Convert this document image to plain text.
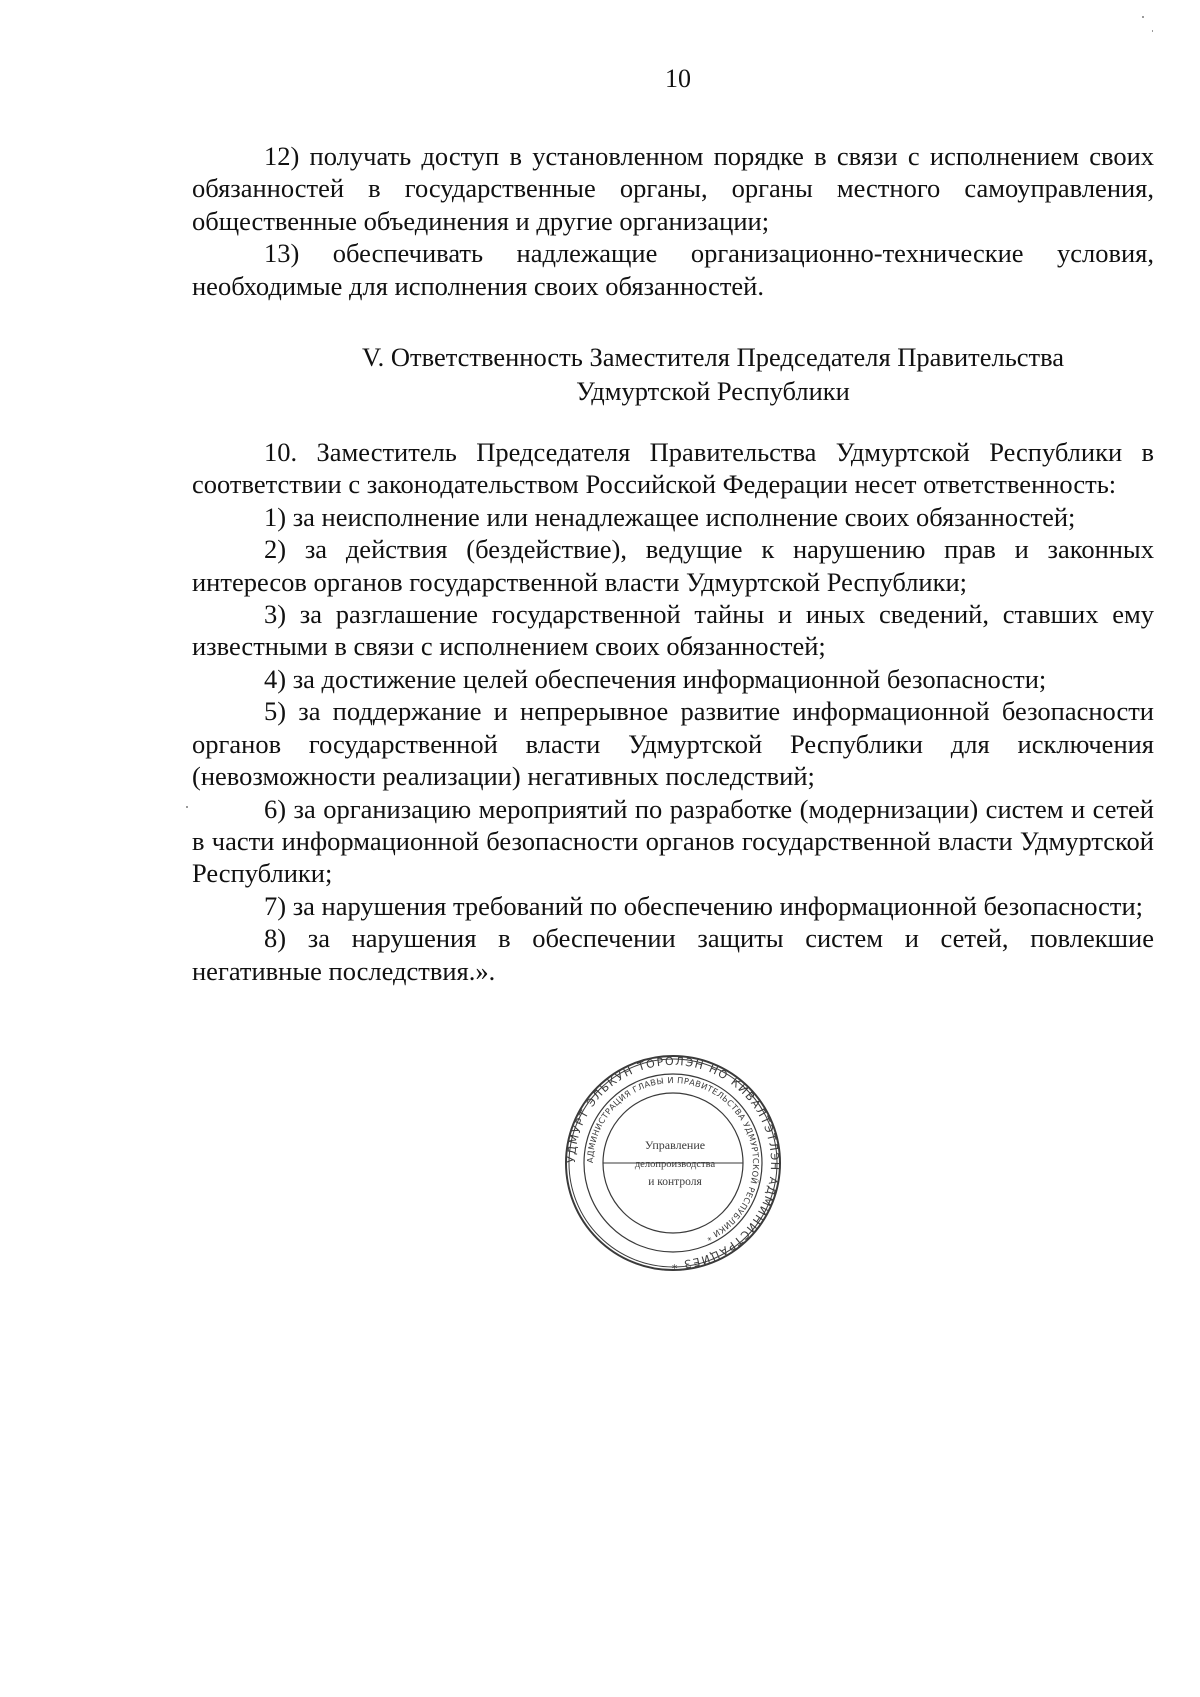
10

12) получать доступ в установленном порядке в связи с исполнением своих обязанностей в государственные органы, органы местного самоуправления, общественные объединения и другие организации;

13) обеспечивать надлежащие организационно-технические условия, необходимые для исполнения своих обязанностей.

V. Ответственность Заместителя Председателя Правительства
Удмуртской Республики

10. Заместитель Председателя Правительства Удмуртской Республики в соответствии с законодательством Российской Федерации несет ответственность:

1) за неисполнение или ненадлежащее исполнение своих обязанностей;

2) за действия (бездействие), ведущие к нарушению прав и законных интересов органов государственной власти Удмуртской Республики;

3) за разглашение государственной тайны и иных сведений, ставших ему известными в связи с исполнением своих обязанностей;

4) за достижение целей обеспечения информационной безопасности;

5) за поддержание и непрерывное развитие информационной безопасности органов государственной власти Удмуртской Республики для исключения (невозможности реализации) негативных последствий;

6) за организацию мероприятий по разработке (модернизации) систем и сетей в части информационной безопасности органов государственной власти Удмуртской Республики;

7) за нарушения требований по обеспечению информационной безопасности;

8) за нарушения в обеспечении защиты систем и сетей, повлекшие негативные последствия.».

УДМУРТ ЭЛЬКУН ТОРОЛЭН НО КИВАЛТЭТЛЭН АДМИНИСТРАЦИЕЗ *
АДМИНИСТРАЦИЯ ГЛАВЫ И ПРАВИТЕЛЬСТВА УДМУРТСКОЙ РЕСПУБЛИКИ *
Управление
делопроизводства
и контроля
